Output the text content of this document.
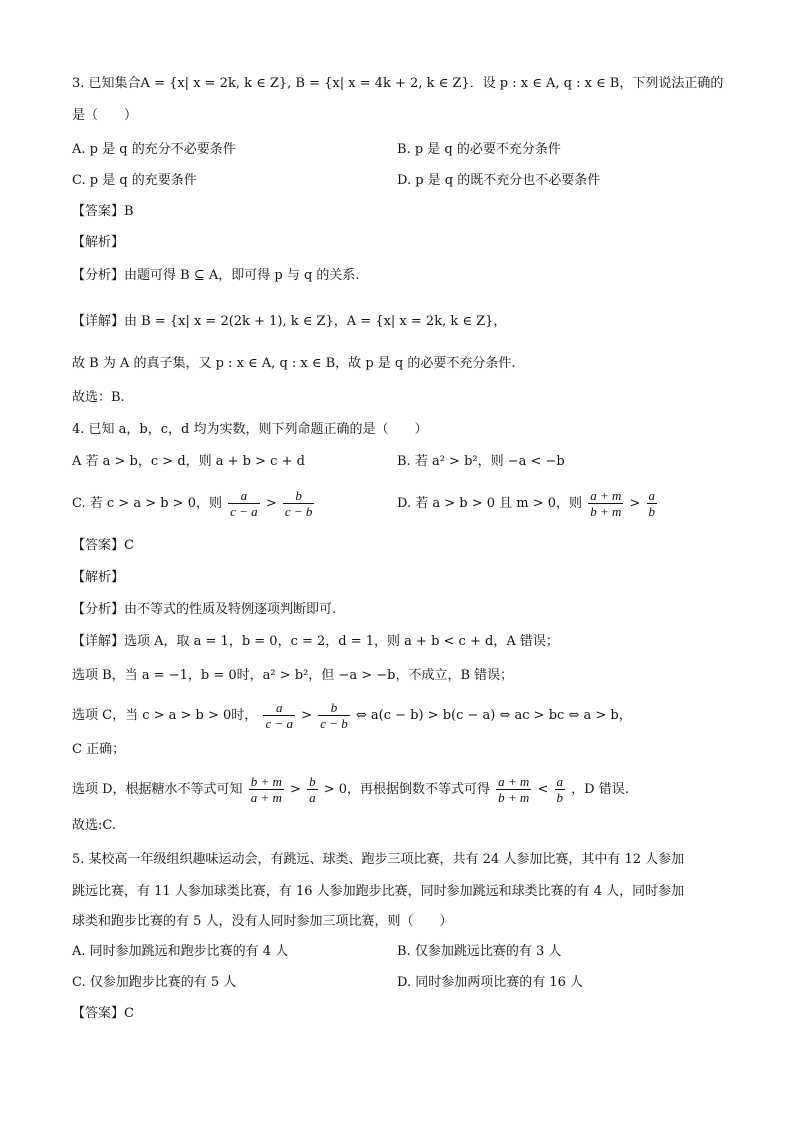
3. 已知集合A = {x| x = 2k, k ∈ Z}, B = {x| x = 4k + 2, k ∈ Z}．设 p : x ∈ A, q : x ∈ B，下列说法正确的
是（　　）
A. p 是 q 的充分不必要条件	B. p 是 q 的必要不充分条件
C. p 是 q 的充要条件	D. p 是 q 的既不充分也不必要条件
【答案】B
【解析】
【分析】由题可得 B ⊆ A，即可得 p 与 q 的关系.
【详解】由 B = {x| x = 2(2k + 1), k ∈ Z}，A = {x| x = 2k, k ∈ Z}，
故 B 为 A 的真子集，又 p : x ∈ A, q : x ∈ B，故 p 是 q 的必要不充分条件.
故选：B.
4. 已知 a，b，c，d 均为实数，则下列命题正确的是（　　）
A 若 a > b，c > d，则 a + b > c + d	B. 若 a² > b²，则 −a < −b
C. 若 c > a > b > 0，则 $\frac{a}{c - a} > \frac{b}{c - b}$	D. 若 a > b > 0 且 m > 0，则 $\frac{a + m}{b + m} > \frac{a}{b}$
【答案】C
【解析】
【分析】由不等式的性质及特例逐项判断即可.
【详解】选项 A，取 a = 1，b = 0，c = 2，d = 1，则 a + b < c + d，A 错误；
选项 B，当 a = −1，b = 0时，a² > b²，但 −a > −b，不成立，B 错误；
选项 C，当 c > a > b > 0时， $\frac{a}{c - a} > \frac{b}{c - b}$ ⇔ a(c − b) > b(c − a) ⇔ ac > bc ⇔ a > b，
C 正确；
选项 D，根据糖水不等式可知 $\frac{b + m}{a + m} > \frac{b}{a} > 0$，再根据倒数不等式可得 $\frac{a + m}{b + m} < \frac{a}{b}$ ，D 错误.
故选:C.
5. 某校高一年级组织趣味运动会，有跳远、球类、跑步三项比赛，共有 24 人参加比赛，其中有 12 人参加
跳远比赛，有 11 人参加球类比赛，有 16 人参加跑步比赛，同时参加跳远和球类比赛的有 4 人，同时参加
球类和跑步比赛的有 5 人，没有人同时参加三项比赛，则（　　）
A. 同时参加跳远和跑步比赛的有 4 人	B. 仅参加跳远比赛的有 3 人
C. 仅参加跑步比赛的有 5 人	D. 同时参加两项比赛的有 16 人
【答案】C
